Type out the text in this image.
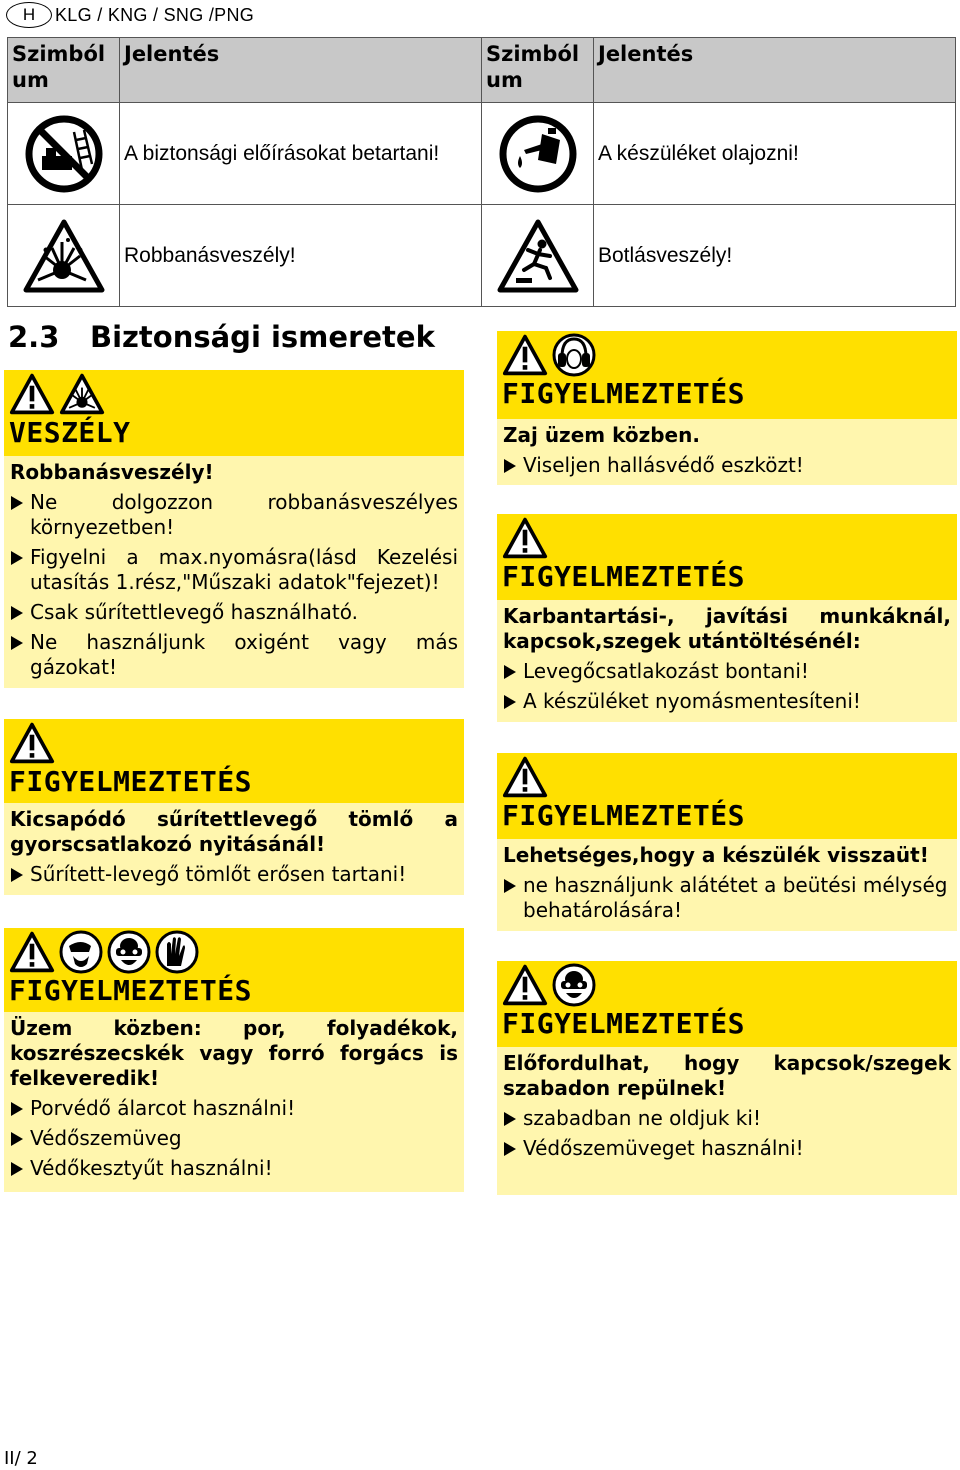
H	KLG / KNG / SNG /PNG
Szimból um	Jelentés	Szimból um	Jelentés

	A biztonsági előírásokat betartani!		A készüléket olajozni!

	Robbanásveszély!		Botlásveszély!
2.3 Biztonsági ismeretek
VESZÉLY
Robbanásveszély!
Ne dolgozzon robbanásveszélyes környezetben!
Figyelni a max.nyomásra(lásd Kezelési utasítás 1.rész,"Műszaki adatok"fejezet)!
Csak sűrítettlevegő használható.
Ne használjunk oxigént vagy más gázokat!
FIGYELMEZTETÉS
Kicsapódó sűrítettlevegő tömlő a gyorscsatlakozó nyitásánál!
Sűrített-levegő tömlőt erősen tartani!
FIGYELMEZTETÉS
Üzem közben: por, folyadékok, koszrészecskék vagy forró forgács is felkeveredik!
Porvédő álarcot használni!
Védőszemüveg
Védőkesztyűt használni!
FIGYELMEZTETÉS
Zaj üzem közben.
Viseljen hallásvédő eszközt!
FIGYELMEZTETÉS
Karbantartási-, javítási munkáknál, kapcsok,szegek utántöltésénél:
Levegőcsatlakozást bontani!
A készüléket nyomásmentesíteni!
FIGYELMEZTETÉS
Lehetséges,hogy a készülék visszaüt!
ne használjunk alátétet a beütési mélység behatárolására!
FIGYELMEZTETÉS
Előfordulhat, hogy kapcsok/szegek szabadon repülnek!
szabadban ne oldjuk ki!
Védőszemüveget használni!
II/ 2
